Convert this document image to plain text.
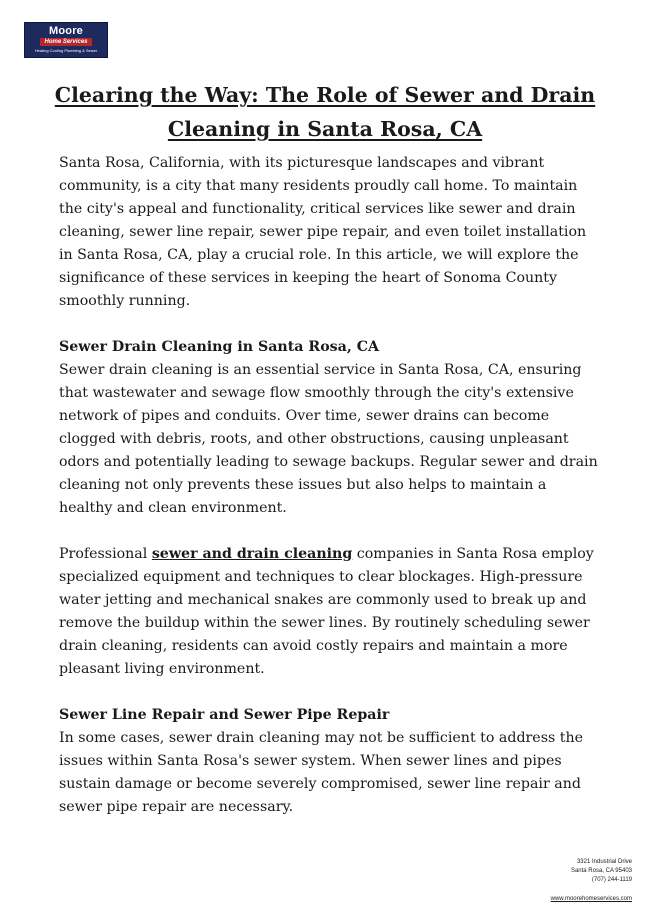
Moore
Home Services
Heating Cooling Plumbing & Sewer
Clearing the Way: The Role of Sewer and Drain Cleaning in Santa Rosa, CA

Santa Rosa, California, with its picturesque landscapes and vibrant community, is a city that many residents proudly call home. To maintain the city's appeal and functionality, critical services like sewer and drain cleaning, sewer line repair, sewer pipe repair, and even toilet installation in Santa Rosa, CA, play a crucial role. In this article, we will explore the significance of these services in keeping the heart of Sonoma County smoothly running.

Sewer Drain Cleaning in Santa Rosa, CA

Sewer drain cleaning is an essential service in Santa Rosa, CA, ensuring that wastewater and sewage flow smoothly through the city's extensive network of pipes and conduits. Over time, sewer drains can become clogged with debris, roots, and other obstructions, causing unpleasant odors and potentially leading to sewage backups. Regular sewer and drain cleaning not only prevents these issues but also helps to maintain a healthy and clean environment.

Professional sewer and drain cleaning companies in Santa Rosa employ specialized equipment and techniques to clear blockages. High-pressure water jetting and mechanical snakes are commonly used to break up and remove the buildup within the sewer lines. By routinely scheduling sewer drain cleaning, residents can avoid costly repairs and maintain a more pleasant living environment.

Sewer Line Repair and Sewer Pipe Repair

In some cases, sewer drain cleaning may not be sufficient to address the issues within Santa Rosa's sewer system. When sewer lines and pipes sustain damage or become severely compromised, sewer line repair and sewer pipe repair are necessary.

3321 Industrial Drive
Santa Rosa, CA 95403
(707) 244-1119
www.moorehomeservices.com
